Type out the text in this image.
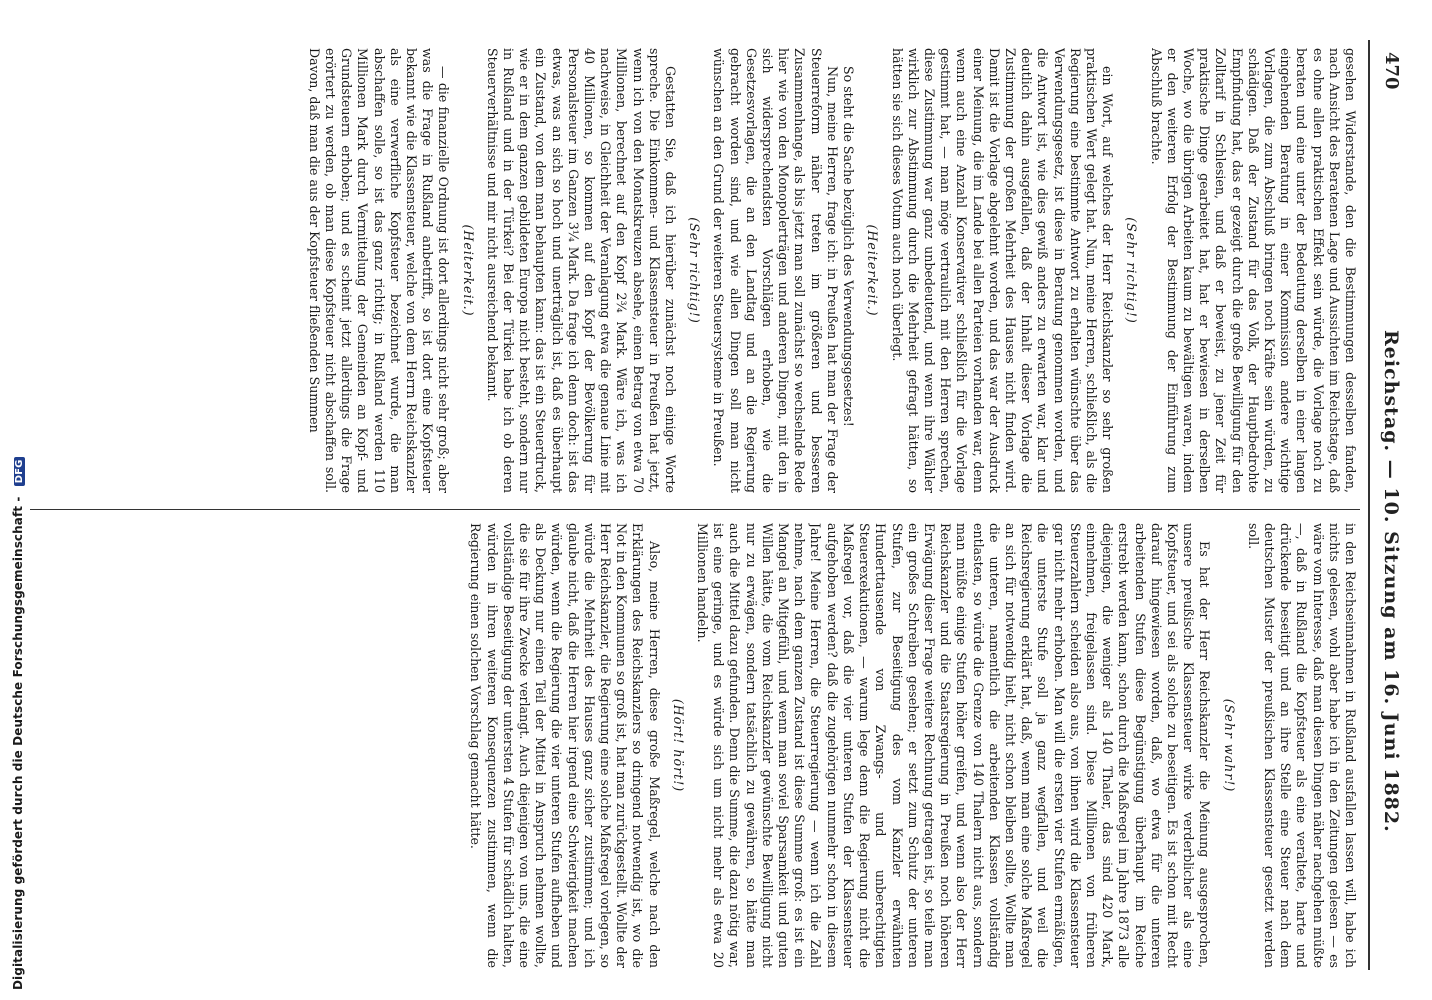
Digitalisierung gefördert durch die Deutsche Forschungsgemeinschaft - DFG
470
Reichstag. — 10. Sitzung am 16. Juni 1882.

gesehen Widerstande, den die Bestimmungen desselben fanden, nach Ansicht des Beratenen Lage und Aussichten im Reichstage, daß es ohne allen praktischen Effekt sein würde, die Vorlage noch zu beraten und eine unter der Bedeutung derselben in einer langen eingehenden Beratung in einer Kommission andere wichtige Vorlagen, die zum Abschluß bringen noch Kräfte sein würden, zu schädigen. Daß der Zustand für das Volk, der Hauptbedrohte Empfindung hat, das er gezeigt durch die große Bewilligung für den Zolltarif in Schlesien, und daß er beweist, zu jener Zeit für praktische Dinge gearbeitet hat, hat er bewiesen in derselben Woche, wo die übrigen Arbeiten kaum zu bewältigen waren, indem er den weiteren Erfolg der Bestimmung der Einführung zum Abschluß brachte.

(Sehr richtig!)

ein Wort, auf welches der Herr Reichskanzler so sehr großen praktischen Wert gelegt hat. Nun, meine Herren, schließlich, als die Regierung eine bestimmte Antwort zu erhalten wünschte über das Verwendungsgesetz, ist diese in Beratung genommen worden, und die Antwort ist, wie dies gewiß anders zu erwarten war, klar und deutlich dahin ausgefallen, daß der Inhalt dieser Vorlage die Zustimmung der großen Mehrheit des Hauses nicht finden wird. Damit ist die Vorlage abgelehnt worden, und das war der Ausdruck einer Meinung, die im Lande bei allen Parteien vorhanden war, denn wenn auch eine Anzahl Konservativer schließlich für die Vorlage gestimmt hat, — man möge vertraulich mit den Herren sprechen, diese Zustimmung war ganz unbedeutend, und wenn ihre Wähler wirklich zur Abstimmung durch die Mehrheit gefragt hätten, so hätten sie sich dieses Votum auch noch überlegt.

(Heiterkeit.)

So steht die Sache bezüglich des Verwendungsgesetzes!

Nun, meine Herren, frage ich: in Preußen hat man der Frage der Steuerreform näher treten im größeren und besseren Zusammenhange, als bis jetzt man soll zunächst so wechselnde Rede hier wie von den Monopolerträgen und anderen Dingen, mit den in sich widersprechendsten Vorschlägen erhoben, wie die Gesetzesvorlagen, die an den Landtag und an die Regierung gebracht worden sind, und wie allen Dingen soll man nicht wünschen an den Grund der weiteren Steuersysteme in Preußen.

(Sehr richtig!)

Gestatten Sie, daß ich hierüber zunächst noch einige Worte spreche. Die Einkommen- und Klassensteuer in Preußen hat jetzt, wenn ich von den Monatskreuzen absehe, einen Betrag von etwa 70 Millionen, berechnet auf den Kopf 2¾ Mark. Wäre ich, was ich nachweise, in Gleichheit der Veranlagung etwa die genaue Linie mit 40 Millionen, so kommen auf den Kopf der Bevölkerung für Personalsteuer im Ganzen 3¼ Mark. Da frage ich denn doch: ist das etwas, was an sich so hoch und unerträglich ist, daß es überhaupt ein Zustand, von dem man behaupten kann: das ist ein Steuerdruck, wie er in dem ganzen gebildeten Europa nicht besteht, sondern nur in Rußland und in der Türkei? Bei der Türkei habe ich ob deren Steuerverhältnisse und mir nicht ausreichend bekannt.

(Heiterkeit.)

— die finanzielle Ordnung ist dort allerdings nicht sehr groß; aber was die Frage in Rußland anbetrifft, so ist dort eine Kopfsteuer bekannt wie die Klassensteuer, welche von dem Herrn Reichskanzler als eine verwerfliche Kopfsteuer bezeichnet wurde, die man abschaffen solle, so ist das ganz richtig; in Rußland werden 110 Millionen Mark durch Vermittelung der Gemeinden an Kopf- und Grundsteuern erhoben; und es scheint jetzt allerdings die Frage erörtert zu werden, ob man diese Kopfsteuer nicht abschaffen soll. Davon, daß man die aus der Kopfsteuer fließenden Summen

in den Reichseinnahmen in Rußland ausfallen lassen will, habe ich nichts gelesen, wohl aber habe ich in den Zeitungen gelesen — es wäre vom Interesse, daß man diesen Dingen näher nachgehen müßte —, daß in Rußland die Kopfsteuer als eine veraltete, harte und drückende beseitigt und an ihre Stelle eine Steuer nach dem deutschen Muster der preußischen Klassensteuer gesetzt werden soll.

(Sehr wahr!)

Es hat der Herr Reichskanzler die Meinung ausgesprochen, unsere preußische Klassensteuer wirke verderblicher als eine Kopfsteuer, und sei als solche zu beseitigen. Es ist schon mit Recht darauf hingewiesen worden, daß, wo etwa für die unteren arbeitenden Stufen diese Begünstigung überhaupt im Reiche erstrebt werden kann, schon durch die Maßregel im Jahre 1873 alle diejenigen, die weniger als 140 Thaler, das sind 420 Mark, einnehmen, freigelassen sind. Diese Millionen von früheren Steuerzahlern scheiden also aus, von ihnen wird die Klassensteuer gar nicht mehr erhoben. Man will die ersten vier Stufen ermäßigen, die unterste Stufe soll ja ganz wegfallen, und weil die Reichsregierung erklärt hat, daß, wenn man eine solche Maßregel an sich für notwendig hielt, nicht schon bleiben sollte, Wollte man die unteren, namentlich die arbeitenden Klassen vollständig entlasten, so würde die Grenze von 140 Thalern nicht aus, sondern man müßte einige Stufen höher greifen, und wenn also der Herr Reichskanzler und die Staatsregierung in Preußen noch höheren Erwägung dieser Frage weitere Rechnung getragen ist, so teile man ein großes Schreiben gesehen; er setzt zum Schutz der unteren Stufen, zur Beseitigung des vom Kanzler erwähnten Hunderttausende von Zwangs- und unberechtigten Steuerexekutionen, — warum lege denn die Regierung nicht die Maßregel vor, daß die vier unteren Stufen der Klassensteuer aufgehoben werden? daß die zugehörigen nunmehr schon in diesem Jahre! Meine Herren, die Steuerregierung — wenn ich die Zahl nehme, nach dem ganzen Zustand ist diese Summe groß: es ist ein Mangel an Mitgefühl, und wenn man soviel Sparsamkeit und guten Willen hätte, die vom Reichskanzler gewünschte Bewilligung nicht nur zu erwägen, sondern tatsächlich zu gewähren, so hätte man auch die Mittel dazu gefunden. Denn die Summe, die dazu nötig war, ist eine geringe, und es würde sich um nicht mehr als etwa 20 Millionen handeln.

(Hört! hört!)

Also, meine Herren, diese große Maßregel, welche nach den Erklärungen des Reichskanzlers so dringend notwendig ist, wo die Not in den Kommunen so groß ist, hat man zurückgestellt. Wollte der Herr Reichskanzler, die Regierung eine solche Maßregel vorlegen, so würde die Mehrheit des Hauses ganz sicher zustimmen; und ich glaube nicht, daß die Herren hier irgend eine Schwierigkeit machen würden, wenn die Regierung die vier unteren Stufen aufheben und als Deckung nur einen Teil der Mittel in Anspruch nehmen wollte, die sie für ihre Zwecke verlangt. Auch diejenigen von uns, die eine vollständige Beseitigung der untersten 4 Stufen für schädlich halten, würden in ihren weiteren Konsequenzen zustimmen, wenn die Regierung einen solchen Vorschlag gemacht hätte.
